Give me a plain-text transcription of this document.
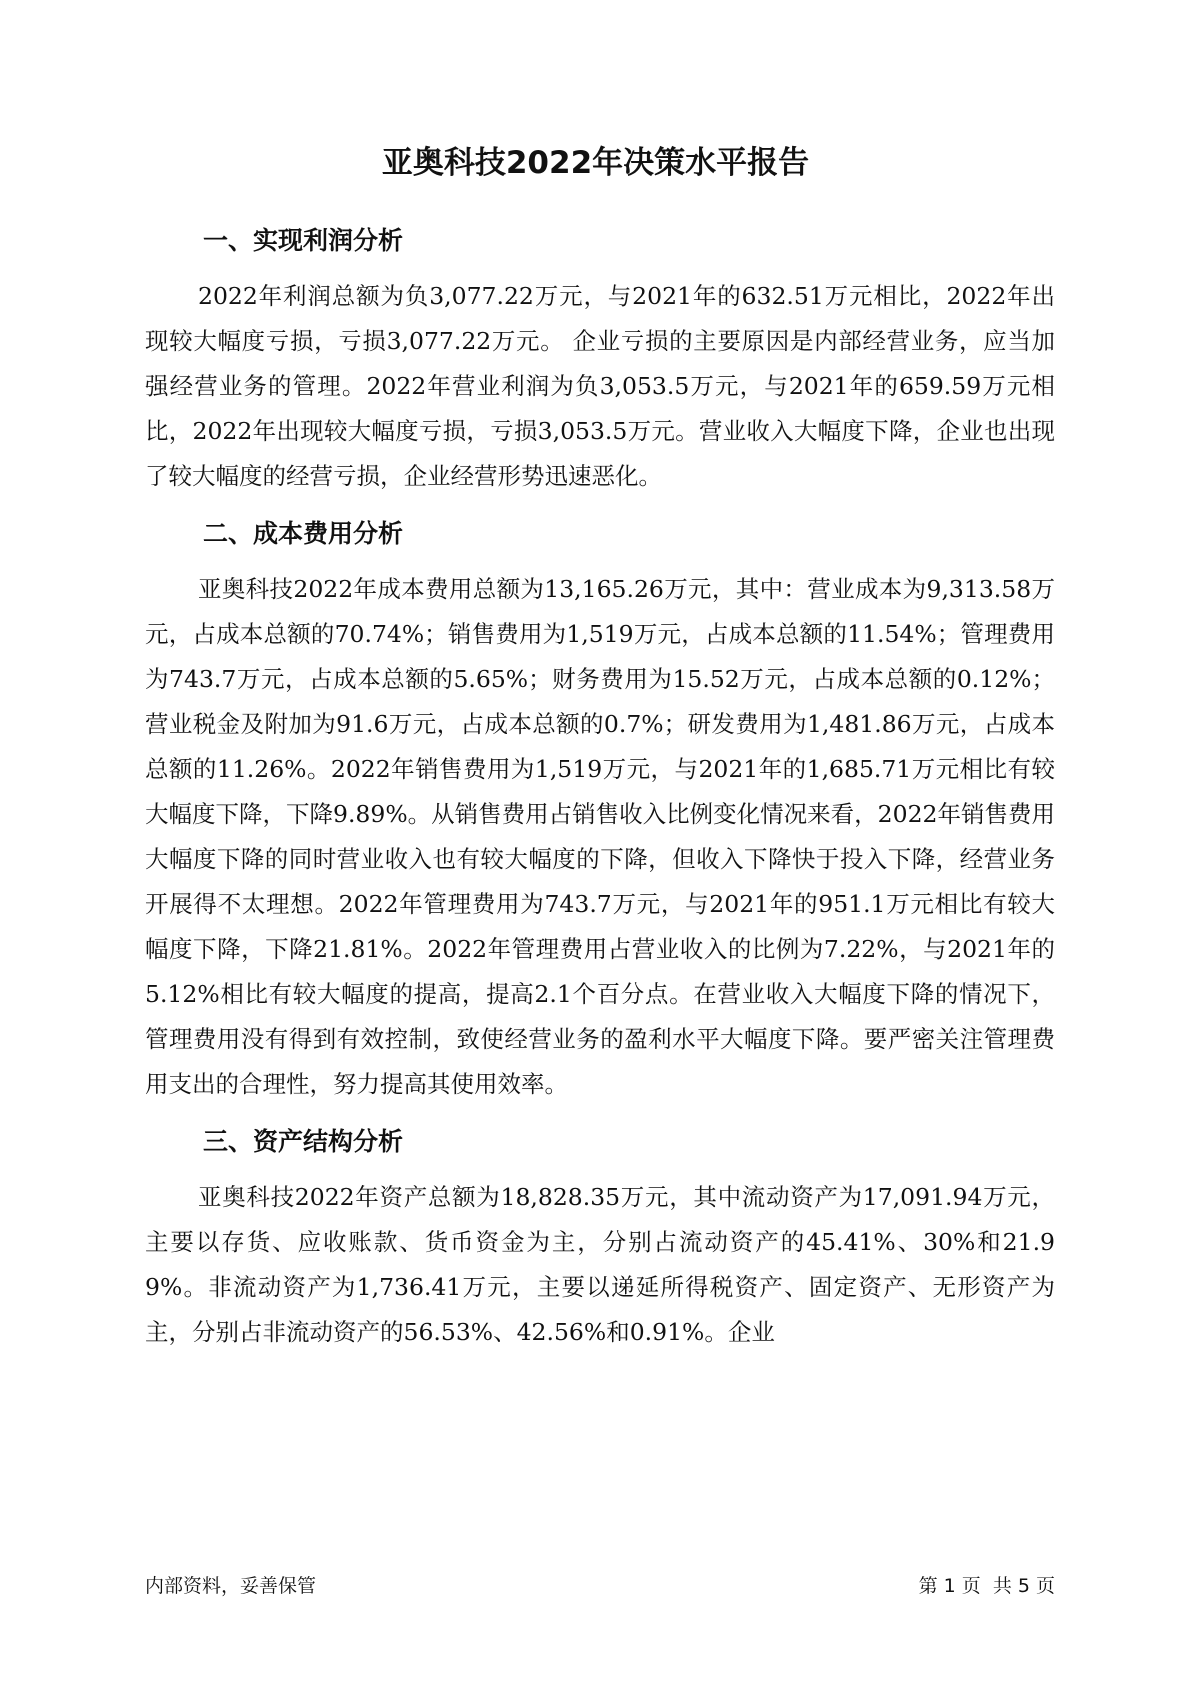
亚奥科技2022年决策水平报告
一、实现利润分析

2022年利润总额为负3,077.22万元，与2021年的632.51万元相比，2022年出现较大幅度亏损，亏损3,077.22万元。 企业亏损的主要原因是内部经营业务，应当加强经营业务的管理。2022年营业利润为负3,053.5万元，与2021年的659.59万元相比，2022年出现较大幅度亏损，亏损3,053.5万元。营业收入大幅度下降，企业也出现了较大幅度的经营亏损，企业经营形势迅速恶化。

二、成本费用分析

亚奥科技2022年成本费用总额为13,165.26万元，其中：营业成本为9,313.58万元，占成本总额的70.74%；销售费用为1,519万元，占成本总额的11.54%；管理费用为743.7万元，占成本总额的5.65%；财务费用为15.52万元，占成本总额的0.12%；营业税金及附加为91.6万元，占成本总额的0.7%；研发费用为1,481.86万元，占成本总额的11.26%。2022年销售费用为1,519万元，与2021年的1,685.71万元相比有较大幅度下降，下降9.89%。从销售费用占销售收入比例变化情况来看，2022年销售费用大幅度下降的同时营业收入也有较大幅度的下降，但收入下降快于投入下降，经营业务开展得不太理想。2022年管理费用为743.7万元，与2021年的951.1万元相比有较大幅度下降，下降21.81%。2022年管理费用占营业收入的比例为7.22%，与2021年的5.12%相比有较大幅度的提高，提高2.1个百分点。在营业收入大幅度下降的情况下，管理费用没有得到有效控制，致使经营业务的盈利水平大幅度下降。要严密关注管理费用支出的合理性，努力提高其使用效率。

三、资产结构分析

亚奥科技2022年资产总额为18,828.35万元，其中流动资产为17,091.94万元，主要以存货、应收账款、货币资金为主，分别占流动资产的45.41%、30%和21.99%。非流动资产为1,736.41万元，主要以递延所得税资产、固定资产、无形资产为主，分别占非流动资产的56.53%、42.56%和0.91%。企业

内部资料，妥善保管	第 1 页  共 5 页
